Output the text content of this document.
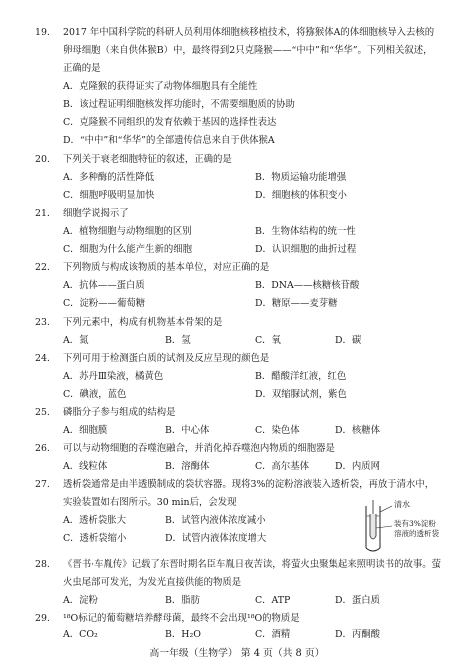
19.	2017 年中国科学院的科研人员利用体细胞核移植技术，将猕猴体A的体细胞核导入去核的
卵母细胞（来自供体猴B）中，最终得到2只克隆猴——“中中”和“华华”。下列相关叙述，
正确的是
A．克隆猴的获得证实了动物体细胞具有全能性
B．该过程证明细胞核发挥功能时，不需要细胞质的协助
C．克隆猴不同组织的发育依赖于基因的选择性表达
D．“中中”和“华华”的全部遗传信息来自于供体猴A
20.	下列关于衰老细胞特征的叙述，正确的是
A．多种酶的活性降低	B．物质运输功能增强
C．细胞呼吸明显加快	D．细胞核的体积变小
21.	细胞学说揭示了
A．植物细胞与动物细胞的区别	B．生物体结构的统一性
C．细胞为什么能产生新的细胞	D．认识细胞的曲折过程
22.	下列物质与构成该物质的基本单位，对应正确的是
A．抗体——蛋白质	B．DNA——核糖核苷酸
C．淀粉——葡萄糖	D．糖原——麦芽糖
23.	下列元素中，构成有机物基本骨架的是
A．氮	B．氢	C．氧	D．碳
24.	下列可用于检测蛋白质的试剂及反应呈现的颜色是
A．苏丹Ⅲ染液，橘黄色	B．醋酸洋红液，红色
C．碘液，蓝色	D．双缩脲试剂，紫色
25.	磷脂分子参与组成的结构是
A．细胞膜	B．中心体	C．染色体	D．核糖体
26.	可以与动物细胞的吞噬泡融合，并消化掉吞噬泡内物质的细胞器是
A．线粒体	B．溶酶体	C．高尔基体	D．内质网
27.	透析袋通常是由半透膜制成的袋状容器。现将3%的淀粉溶液装入透析袋，再放于清水中，
实验装置如右图所示。30 min后，会发现
A．透析袋胀大	B．试管内液体浓度减小
C．透析袋缩小	D．试管内液体浓度增大
清水
装有3%淀粉
溶液的透析袋
28.	《晋书·车胤传》记载了东晋时期名臣车胤日夜苦读，将萤火虫聚集起来照明读书的故事。萤
火虫尾部可发光，为发光直接供能的物质是
A．淀粉	B．脂肪	C．ATP	D．蛋白质
29.	¹⁸O标记的葡萄糖培养酵母菌，最终不会出现¹⁸O的物质是
A．CO₂	B．H₂O	C．酒精	D．丙酮酸
高一年级（生物学） 第 4 页（共 8 页）
